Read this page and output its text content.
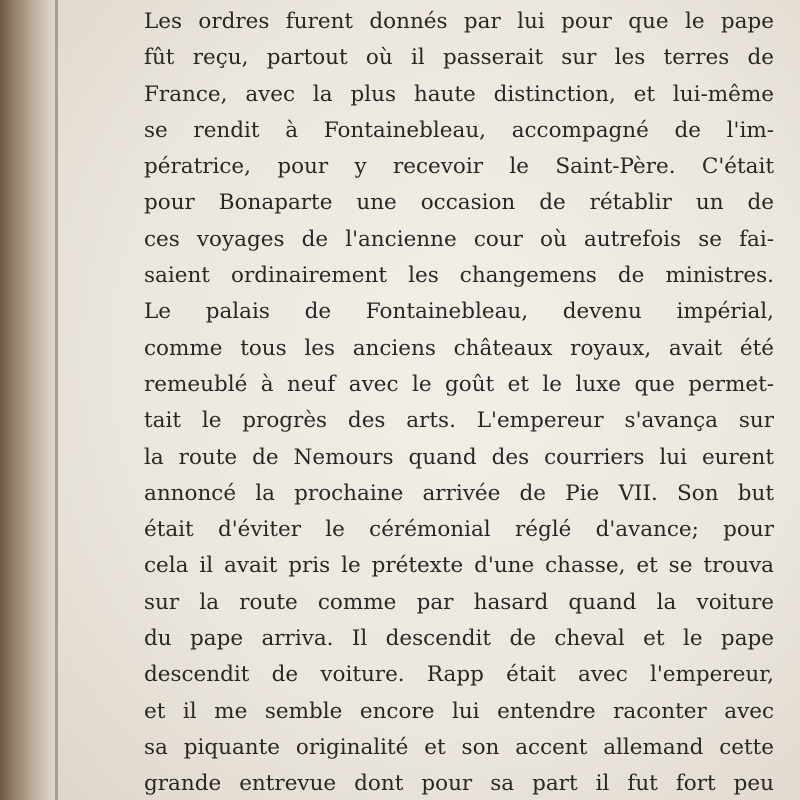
Les ordres furent donnés par lui pour que le pape
fût reçu, partout où il passerait sur les terres de
France, avec la plus haute distinction, et lui-même
se rendit à Fontainebleau, accompagné de l'im-
pératrice, pour y recevoir le Saint-Père. C'était
pour Bonaparte une occasion de rétablir un de
ces voyages de l'ancienne cour où autrefois se fai-
saient ordinairement les changemens de ministres.
Le palais de Fontainebleau, devenu impérial,
comme tous les anciens châteaux royaux, avait été
remeublé à neuf avec le goût et le luxe que permet-
tait le progrès des arts. L'empereur s'avança sur
la route de Nemours quand des courriers lui eurent
annoncé la prochaine arrivée de Pie VII. Son but
était d'éviter le cérémonial réglé d'avance; pour
cela il avait pris le prétexte d'une chasse, et se trouva
sur la route comme par hasard quand la voiture
du pape arriva. Il descendit de cheval et le pape
descendit de voiture. Rapp était avec l'empereur,
et il me semble encore lui entendre raconter avec
sa piquante originalité et son accent allemand cette
grande entrevue dont pour sa part il fut fort peu
